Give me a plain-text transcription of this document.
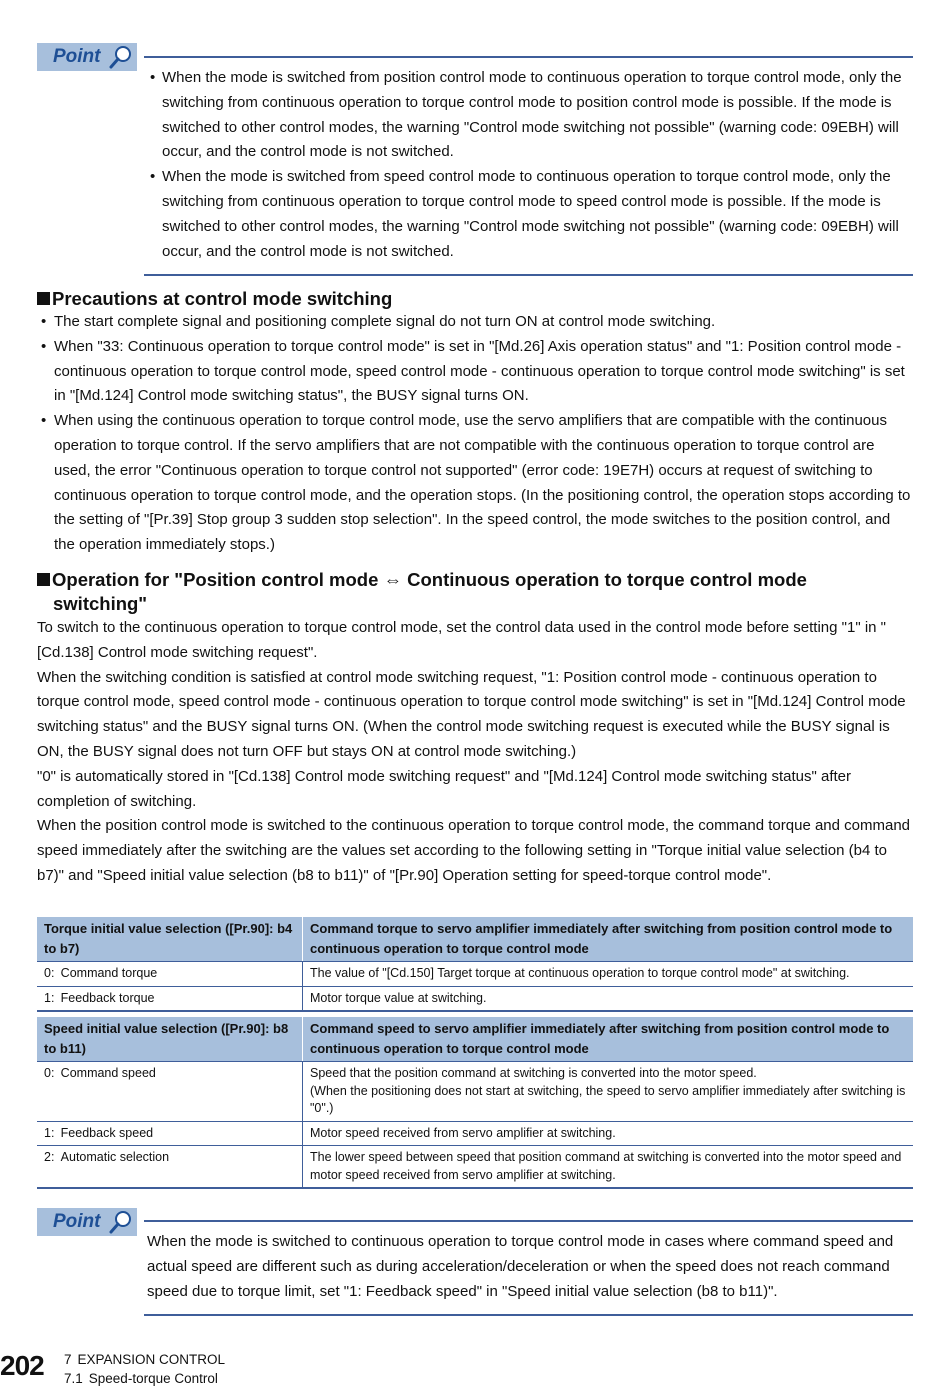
Point
• When the mode is switched from position control mode to continuous operation to torque control mode, only the switching from continuous operation to torque control mode to position control mode is possible. If the mode is switched to other control modes, the warning "Control mode switching not possible" (warning code: 09EBH) will occur, and the control mode is not switched.
• When the mode is switched from speed control mode to continuous operation to torque control mode, only the switching from continuous operation to torque control mode to speed control mode is possible. If the mode is switched to other control modes, the warning "Control mode switching not possible" (warning code: 09EBH) will occur, and the control mode is not switched.
Precautions at control mode switching
• The start complete signal and positioning complete signal do not turn ON at control mode switching.
• When "33: Continuous operation to torque control mode" is set in "[Md.26] Axis operation status" and "1: Position control mode - continuous operation to torque control mode, speed control mode - continuous operation to torque control mode switching" is set in "[Md.124] Control mode switching status", the BUSY signal turns ON.
• When using the continuous operation to torque control mode, use the servo amplifiers that are compatible with the continuous operation to torque control. If the servo amplifiers that are not compatible with the continuous operation to torque control are used, the error "Continuous operation to torque control not supported" (error code: 19E7H) occurs at request of switching to continuous operation to torque control mode, and the operation stops. (In the positioning control, the operation stops according to the setting of "[Pr.39] Stop group 3 sudden stop selection". In the speed control, the mode switches to the position control, and the operation immediately stops.)
Operation for "Position control mode ⇔ Continuous operation to torque control mode
switching"
To switch to the continuous operation to torque control mode, set the control data used in the control mode before setting "1" in "[Cd.138] Control mode switching request".
When the switching condition is satisfied at control mode switching request, "1: Position control mode - continuous operation to torque control mode, speed control mode - continuous operation to torque control mode switching" is set in "[Md.124] Control mode switching status" and the BUSY signal turns ON. (When the control mode switching request is executed while the BUSY signal is ON, the BUSY signal does not turn OFF but stays ON at control mode switching.)
"0" is automatically stored in "[Cd.138] Control mode switching request" and "[Md.124] Control mode switching status" after completion of switching.
When the position control mode is switched to the continuous operation to torque control mode, the command torque and command speed immediately after the switching are the values set according to the following setting in "Torque initial value selection (b4 to b7)" and "Speed initial value selection (b8 to b11)" of "[Pr.90] Operation setting for speed-torque control mode".
Torque initial value selection ([Pr.90]: b4 to b7)	Command torque to servo amplifier immediately after switching from position control mode to continuous operation to torque control mode
0: Command torque	The value of "[Cd.150] Target torque at continuous operation to torque control mode" at switching.
1: Feedback torque	Motor torque value at switching.
Speed initial value selection ([Pr.90]: b8 to b11)	Command speed to servo amplifier immediately after switching from position control mode to continuous operation to torque control mode
0: Command speed	Speed that the position command at switching is converted into the motor speed.
(When the positioning does not start at switching, the speed to servo amplifier immediately after switching is "0".)

1: Feedback speed	Motor speed received from servo amplifier at switching.
2: Automatic selection	The lower speed between speed that position command at switching is converted into the motor speed and motor speed received from servo amplifier at switching.
Point
When the mode is switched to continuous operation to torque control mode in cases where command speed and actual speed are different such as during acceleration/deceleration or when the speed does not reach command speed due to torque limit, set "1: Feedback speed" in "Speed initial value selection (b8 to b11)".
202 7 EXPANSION CONTROL
7.1 Speed-torque Control
